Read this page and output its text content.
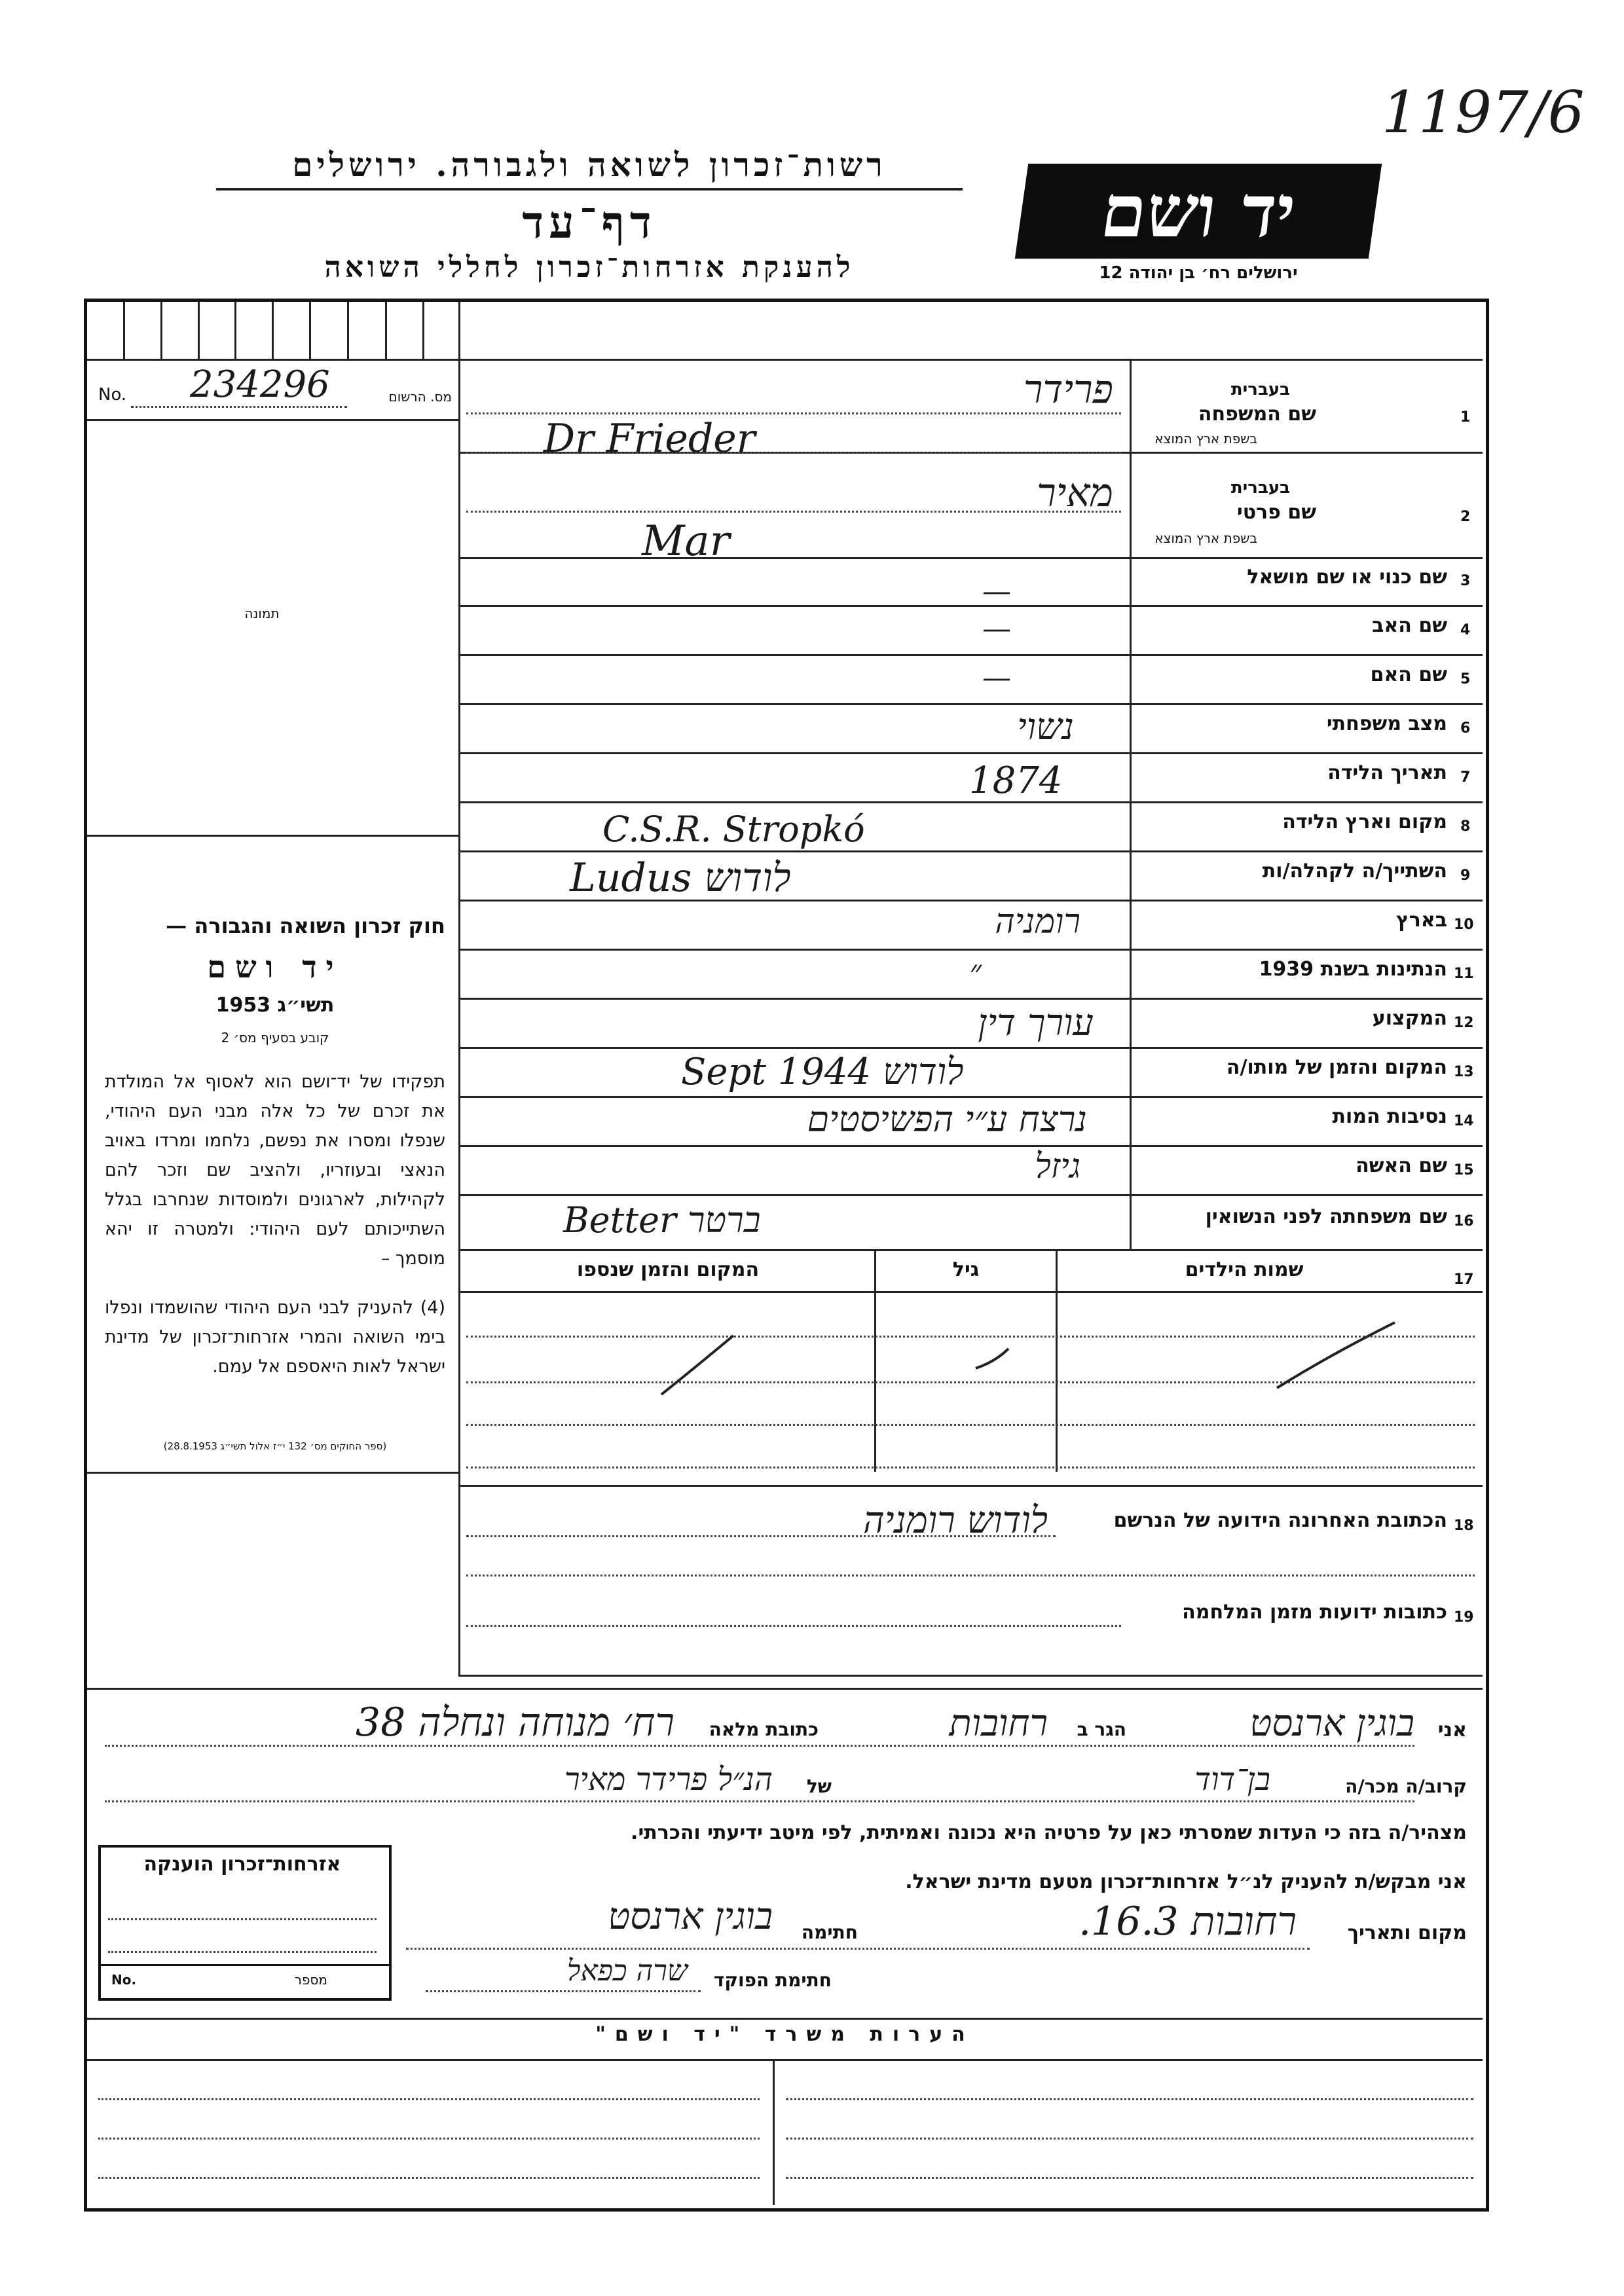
1197/6
רשות־זכרון לשואה ולגבורה. ירושלים
דף־עד
להענקת אזרחות־זכרון לחללי השואה
יד ושם
ירושלים רח׳ בן יהודה 12
No. 234296	מס. הרשום
תמונה
חוק זכרון השואה והגבורה —
יד ושם
1953 תשי״ג
קובע בסעיף מס׳ 2
תפקידו של יד־ושם הוא לאסוף אל המולדת את זכרם של כל אלה מבני העם היהודי, שנפלו ומסרו את נפשם, נלחמו ומרדו באויב הנאצי ובעוזריו, ולהציב שם וזכר להם לקהילות, לארגונים ולמוסדות שנחרבו בגלל השתייכותם לעם היהודי: ולמטרה זו יהא מוסמך –
(4) להעניק לבני העם היהודי שהושמדו ונפלו בימי השואה והמרי אזרחות־זכרון של מדינת ישראל לאות היאספם אל עמם.
(ספר החוקים מס׳ 132 י״ז אלול תשי״ג 28.8.1953)
1
שם המשפחה
בעברית
בשפת ארץ המוצא
פרידר
Dr Frieder
2
שם פרטי
בעברית
בשפת ארץ המוצא
מאיר
Mar
3
שם כנוי או שם מושאל
—
4
שם האב
—
5
שם האם
—
6
מצב משפחתי
נשוי
7
תאריך הלידה
1874
8
מקום וארץ הלידה
C.S.R. Stropkó
9
השתייך/ה לקהלה/ות
Ludus לודוש
10
בארץ
רומניה
11
הנתינות בשנת 1939
״
12
המקצוע
עורך דין
13
המקום והזמן של מותו/ה
Sept 1944 לודוש
14
נסיבות המות
נרצח ע״י הפשיסטים
15
שם האשה
גיזל
16
שם משפחתה לפני הנשואין
Better ברטר
17
שמות הילדים
גיל
המקום והזמן שנספו
18
הכתובת האחרונה הידועה של הנרשם
לודוש רומניה
19
כתובות ידועות מזמן המלחמה
אני
בוגין ארנסט
הגר ב
רחובות
כתובת מלאה
רח׳ מנוחה ונחלה 38
קרוב/ה מכר/ה
בן־דוד
של
הנ״ל פרידר מאיר
מצהיר/ה בזה כי העדות שמסרתי כאן על פרטיה היא נכונה ואמיתית, לפי מיטב ידיעתי והכרתי.
אני מבקש/ת להעניק לנ״ל אזרחות־זכרון מטעם מדינת ישראל.
מקום ותאריך
רחובות 16.3.
חתימה
בוגין ארנסט
חתימת הפוקד
שרה כפאל
אזרחות־זכרון הוענקה
No.	מספר
הערות משרד "יד ושם"
